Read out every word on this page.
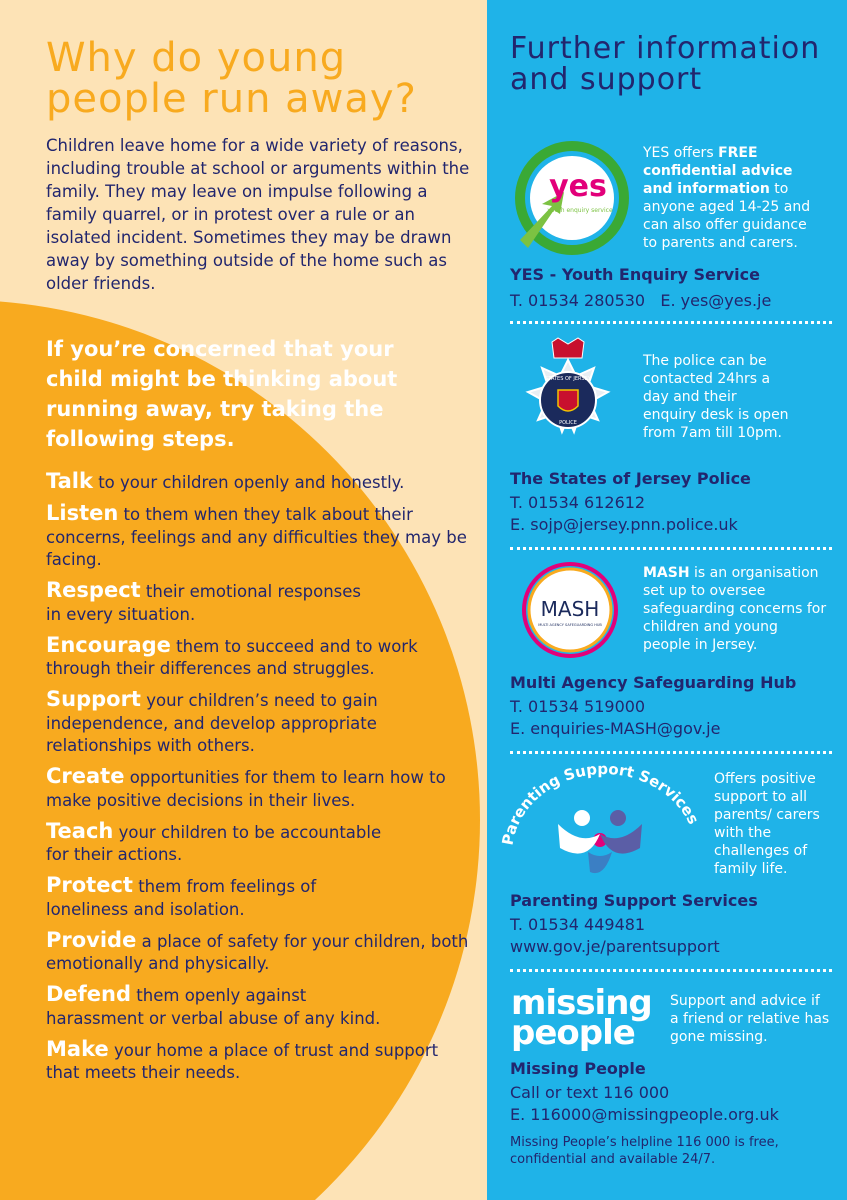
Why do young people run away?
Children leave home for a wide variety of reasons, including trouble at school or arguments within the family. They may leave on impulse following a family quarrel, or in protest over a rule or an isolated incident. Sometimes they may be drawn away by something outside of the home such as older friends.
If you’re concerned that your child might be thinking about running away, try taking the following steps.
Talk to your children openly and honestly.
Listen to them when they talk about their concerns, feelings and any difficulties they may be facing.
Respect their emotional responses
in every situation.
Encourage them to succeed and to work through their differences and struggles.
Support your children’s need to gain independence, and develop appropriate relationships with others.
Create opportunities for them to learn how to make positive decisions in their lives.
Teach your children to be accountable
for their actions.
Protect them from feelings of
loneliness and isolation.
Provide a place of safety for your children, both emotionally and physically.
Defend them openly against
harassment or verbal abuse of any kind.
Make your home a place of trust and support that meets their needs.
Further information and support
yes
youth enquiry service
YES offers FREE confidential advice and information to anyone aged 14-25 and can also offer guidance to parents and carers.
YES - Youth Enquiry Service
T. 01534 280530   E. yes@yes.je
STATES OF JERSEY
POLICE
The police can be contacted 24hrs a day and their enquiry desk is open from 7am till 10pm.
The States of Jersey Police
T. 01534 612612
E. sojp@jersey.pnn.police.uk
MASH
MULTI AGENCY SAFEGUARDING HUB
MASH is an organisation set up to oversee safeguarding concerns for children and young people in Jersey.
Multi Agency Safeguarding Hub
T. 01534 519000
E. enquiries-MASH@gov.je
Parenting Support Services
Offers positive support to all parents/ carers with the challenges of family life.
Parenting Support Services
T. 01534 449481
www.gov.je/parentsupport
missing
people
Support and advice if a friend or relative has gone missing.
Missing People
Call or text 116 000
E. 116000@missingpeople.org.uk
Missing People’s helpline 116 000 is free, confidential and available 24/7.
